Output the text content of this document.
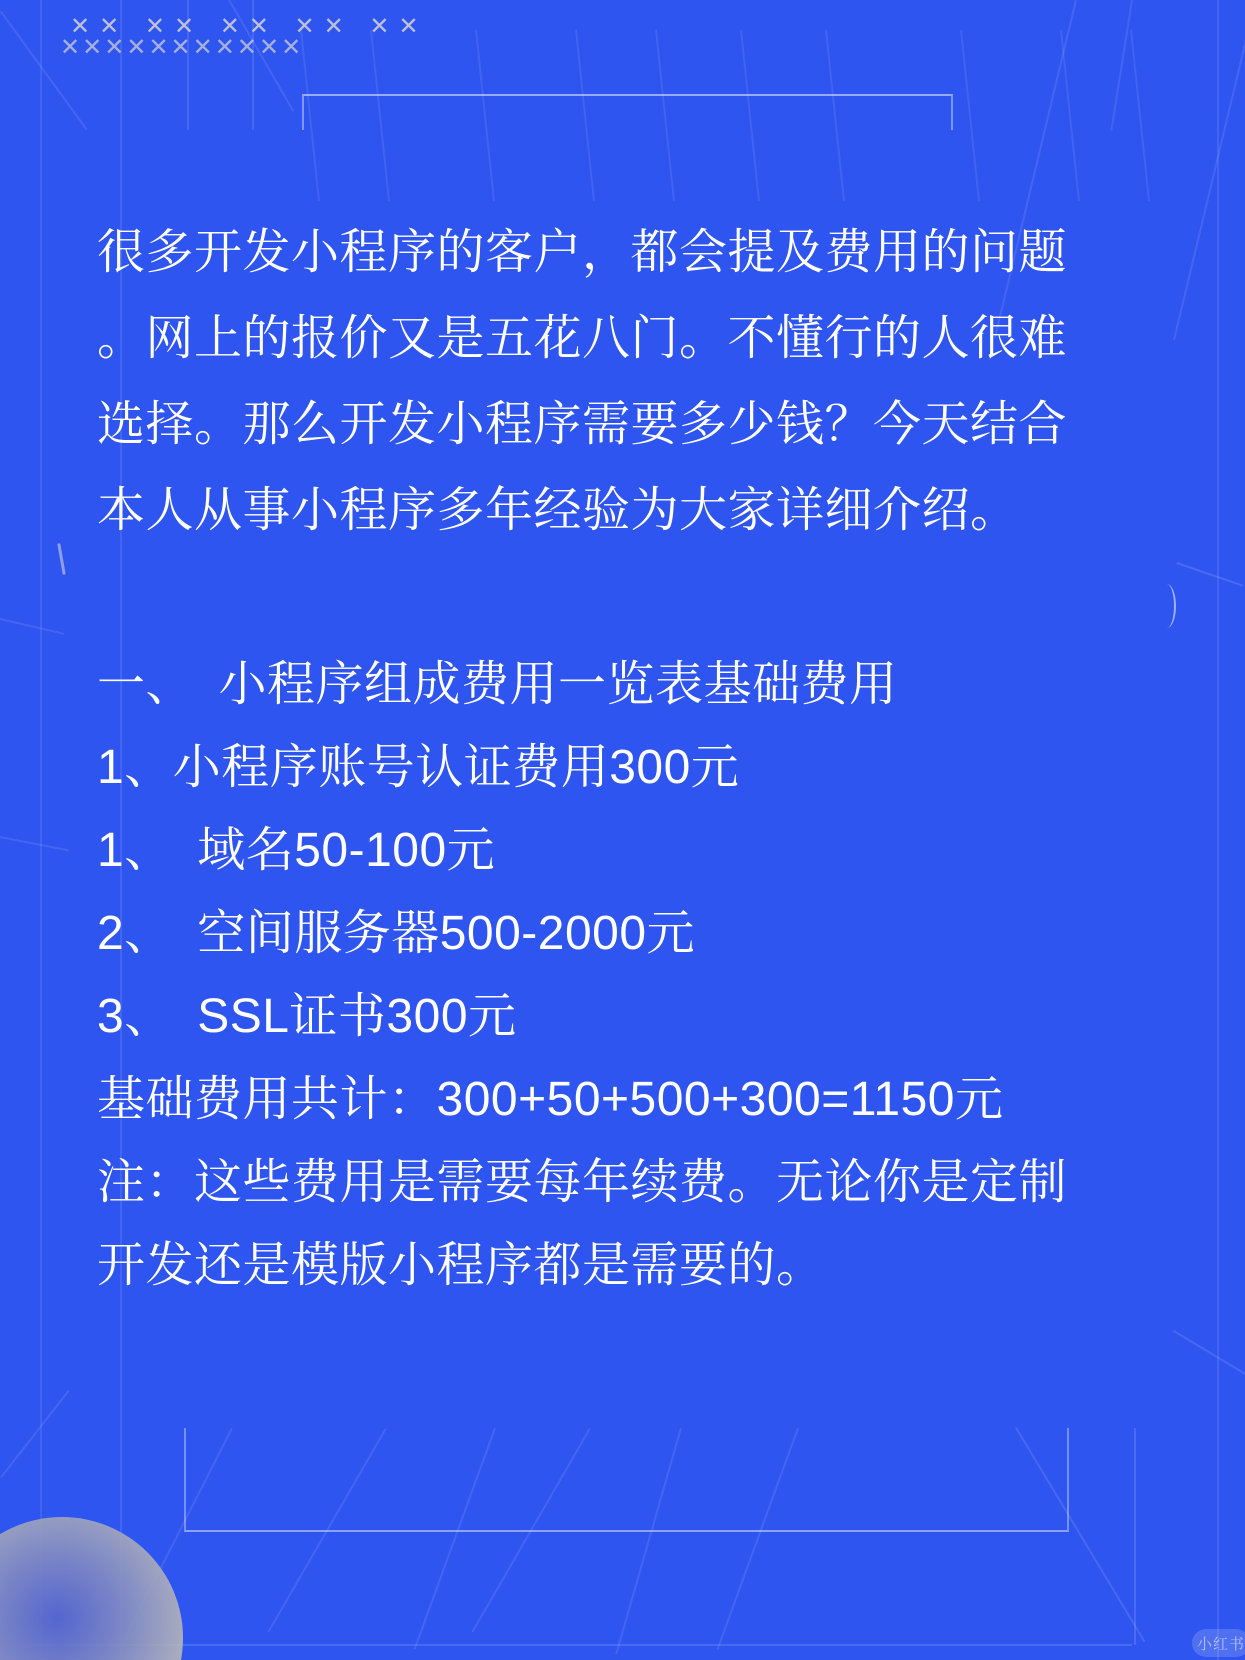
✕✕ ✕✕ ✕✕ ✕✕ ✕✕
✕✕✕✕✕✕✕✕✕✕✕
很多开发小程序的客户，都会提及费用的问题
。网上的报价又是五花八门。不懂行的人很难
选择。那么开发小程序需要多少钱？今天结合
本人从事小程序多年经验为大家详细介绍。
一、　小程序组成费用一览表基础费用
1、小程序账号认证费用300元
1、　域名50-100元
2、　空间服务器500-2000元
3、　SSL证书300元
基础费用共计：300+50+500+300=1150元
注：这些费用是需要每年续费。无论你是定制
开发还是模版小程序都是需要的。
小红书
